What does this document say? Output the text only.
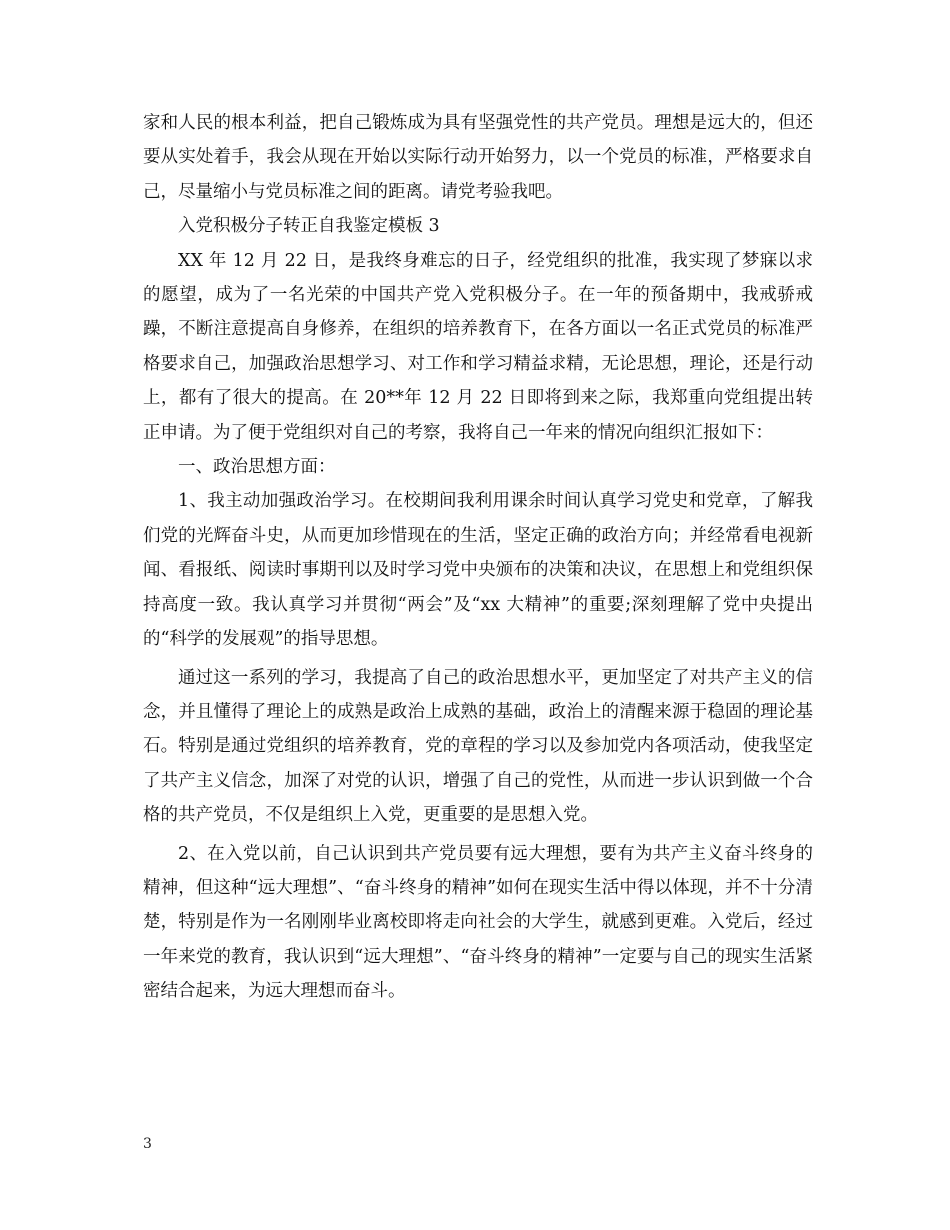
家和人民的根本利益，把自己锻炼成为具有坚强党性的共产党员。理想是远大的，但还要从实处着手，我会从现在开始以实际行动开始努力，以一个党员的标准，严格要求自己，尽量缩小与党员标准之间的距离。请党考验我吧。

入党积极分子转正自我鉴定模板 3

XX 年 12 月 22 日，是我终身难忘的日子，经党组织的批准，我实现了梦寐以求的愿望，成为了一名光荣的中国共产党入党积极分子。在一年的预备期中，我戒骄戒躁，不断注意提高自身修养，在组织的培养教育下，在各方面以一名正式党员的标准严格要求自己，加强政治思想学习、对工作和学习精益求精，无论思想，理论，还是行动上，都有了很大的提高。在 20**年 12 月 22 日即将到来之际，我郑重向党组提出转正申请。为了便于党组织对自己的考察，我将自己一年来的情况向组织汇报如下：

一、政治思想方面：

1、我主动加强政治学习。在校期间我利用课余时间认真学习党史和党章，了解我们党的光辉奋斗史，从而更加珍惜现在的生活，坚定正确的政治方向；并经常看电视新闻、看报纸、阅读时事期刊以及时学习党中央颁布的决策和决议，在思想上和党组织保持高度一致。我认真学习并贯彻“两会”及“xx 大精神”的重要;深刻理解了党中央提出的“科学的发展观”的指导思想。

通过这一系列的学习，我提高了自己的政治思想水平，更加坚定了对共产主义的信念，并且懂得了理论上的成熟是政治上成熟的基础，政治上的清醒来源于稳固的理论基石。特别是通过党组织的培养教育，党的章程的学习以及参加党内各项活动，使我坚定了共产主义信念，加深了对党的认识，增强了自己的党性，从而进一步认识到做一个合格的共产党员，不仅是组织上入党，更重要的是思想入党。

2、在入党以前，自己认识到共产党员要有远大理想，要有为共产主义奋斗终身的精神，但这种“远大理想”、“奋斗终身的精神”如何在现实生活中得以体现，并不十分清楚，特别是作为一名刚刚毕业离校即将走向社会的大学生，就感到更难。入党后，经过一年来党的教育，我认识到“远大理想”、“奋斗终身的精神”一定要与自己的现实生活紧密结合起来，为远大理想而奋斗。

3
